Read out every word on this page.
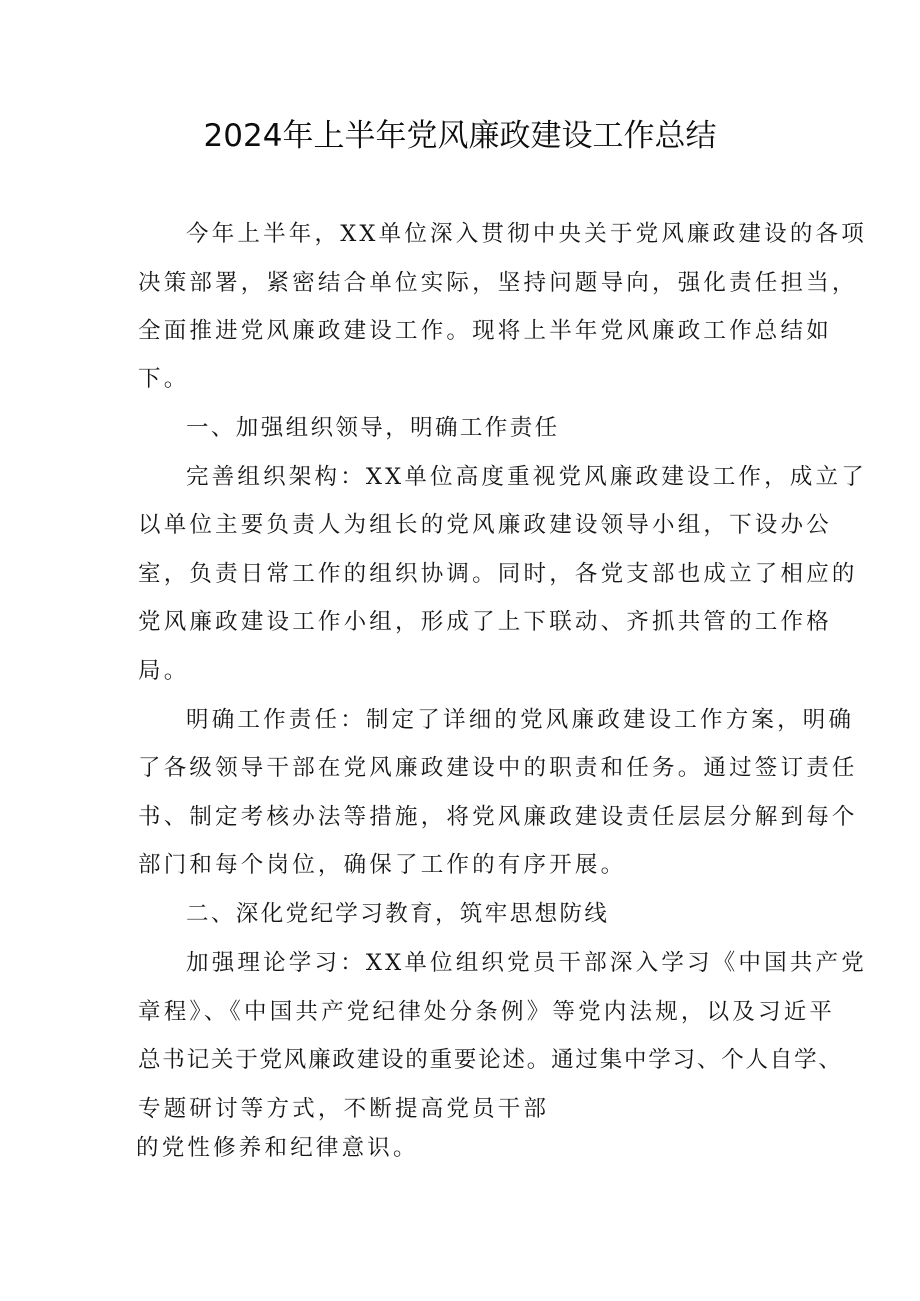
2024年上半年党风廉政建设工作总结
今年上半年，XX单位深入贯彻中央关于党风廉政建设的各项
决策部署，紧密结合单位实际，坚持问题导向，强化责任担当，
全面推进党风廉政建设工作。现将上半年党风廉政工作总结如
下。
一、加强组织领导，明确工作责任
完善组织架构：XX单位高度重视党风廉政建设工作，成立了
以单位主要负责人为组长的党风廉政建设领导小组，下设办公
室，负责日常工作的组织协调。同时，各党支部也成立了相应的
党风廉政建设工作小组，形成了上下联动、齐抓共管的工作格
局。
明确工作责任：制定了详细的党风廉政建设工作方案，明确
了各级领导干部在党风廉政建设中的职责和任务。通过签订责任
书、制定考核办法等措施，将党风廉政建设责任层层分解到每个
部门和每个岗位，确保了工作的有序开展。
二、深化党纪学习教育，筑牢思想防线
加强理论学习：XX单位组织党员干部深入学习《中国共产党
章程》、《中国共产党纪律处分条例》等党内法规，以及习近平
总书记关于党风廉政建设的重要论述。通过集中学习、个人自学、
专题研讨等方式，不断提高党员干部
的党性修养和纪律意识。
